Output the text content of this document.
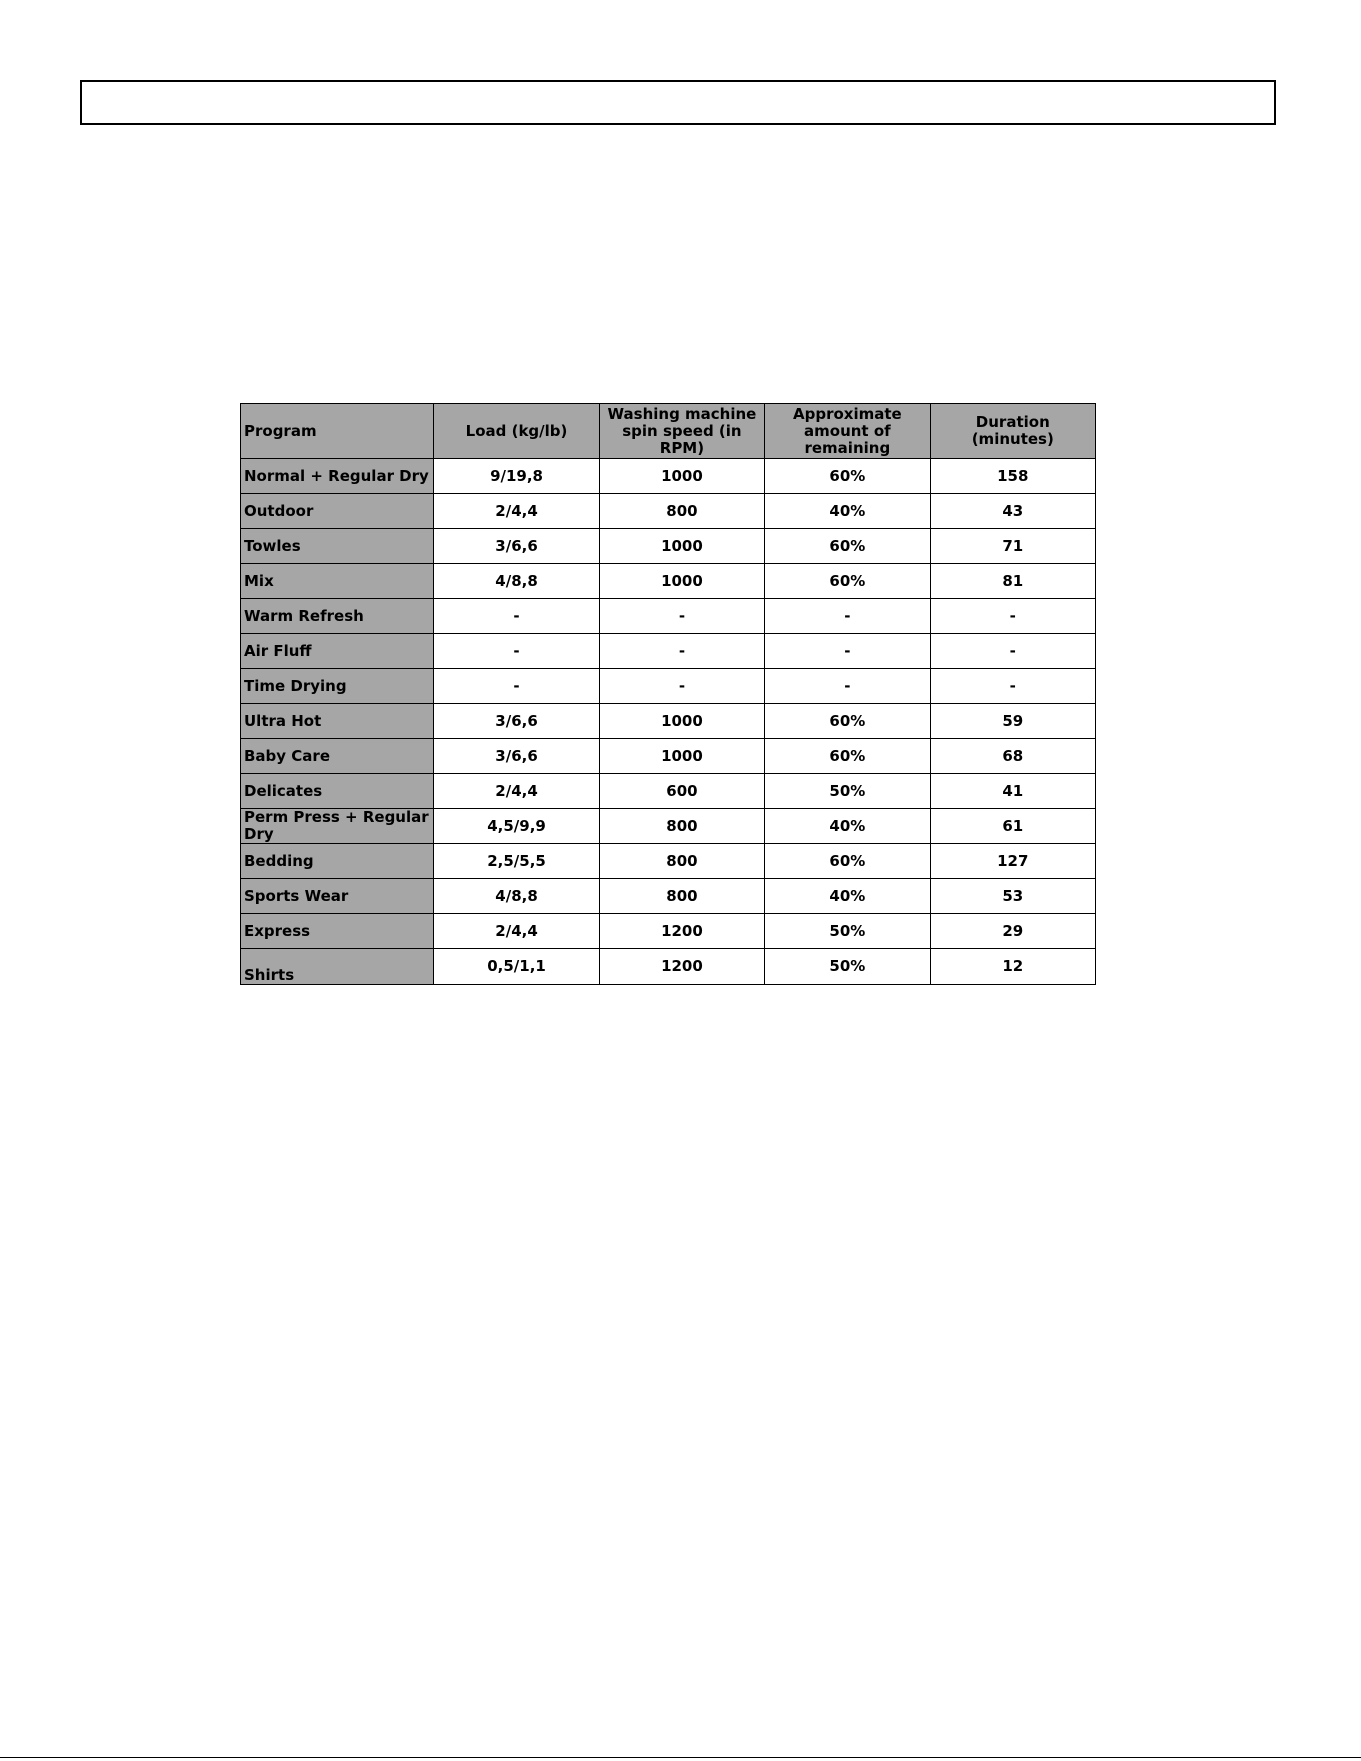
Program	Load (kg/lb)	Washing machine spin speed (in RPM)	Approximate amount of remaining	Duration (minutes)
Normal + Regular Dry	9/19,8	1000	60%	158
Outdoor	2/4,4	800	40%	43
Towles	3/6,6	1000	60%	71
Mix	4/8,8	1000	60%	81
Warm Refresh	-	-	-	-
Air Fluff	-	-	-	-
Time Drying	-	-	-	-
Ultra Hot	3/6,6	1000	60%	59
Baby Care	3/6,6	1000	60%	68
Delicates	2/4,4	600	50%	41
Perm Press + Regular Dry	4,5/9,9	800	40%	61
Bedding	2,5/5,5	800	60%	127
Sports Wear	4/8,8	800	40%	53
Express	2/4,4	1200	50%	29
Shirts	0,5/1,1	1200	50%	12
